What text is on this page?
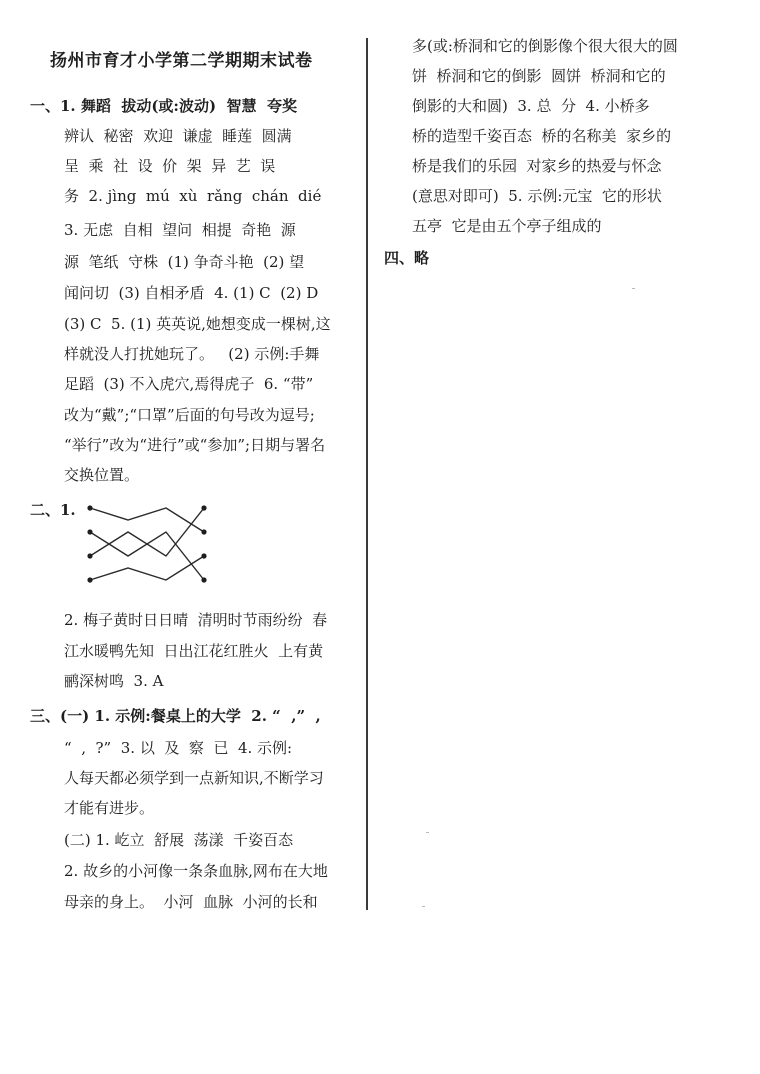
扬州市育才小学第二学期期末试卷
一、1. 舞蹈  拔动(或:波动)  智慧  夸奖
辨认  秘密  欢迎  谦虚  睡莲  圆满
呈  乘  社  设  价  架  异  艺  误
务  2. jìng  mú  xù  rǎng  chán  dié
3. 无虑  自相  望问  相提  奇艳  源
源  笔纸  守株  (1) 争奇斗艳  (2) 望
闻问切  (3) 自相矛盾  4. (1) C  (2) D
(3) C  5. (1) 英英说,她想变成一棵树,这
样就没人打扰她玩了。   (2) 示例:手舞
足蹈  (3) 不入虎穴,焉得虎子  6. “带”
改为“戴”;“口罩”后面的句号改为逗号;
“举行”改为“进行”或“参加”;日期与署名
交换位置。
二、1.
2. 梅子黄时日日晴  清明时节雨纷纷  春
江水暖鸭先知  日出江花红胜火  上有黄
鹂深树鸣  3. A
三、(一) 1. 示例:餐桌上的大学  2. “  ,”  ,
“  ,  ?”  3. 以  及  察  已  4. 示例:
人每天都必须学到一点新知识,不断学习
才能有进步。
(二) 1. 屹立  舒展  荡漾  千姿百态
2. 故乡的小河像一条条血脉,网布在大地
母亲的身上。  小河  血脉  小河的长和
多(或:桥洞和它的倒影像个很大很大的圆
饼  桥洞和它的倒影  圆饼  桥洞和它的
倒影的大和圆)  3. 总  分  4. 小桥多
桥的造型千姿百态  桥的名称美  家乡的
桥是我们的乐园  对家乡的热爱与怀念
(意思对即可)  5. 示例:元宝  它的形状
五亭  它是由五个亭子组成的
四、略
